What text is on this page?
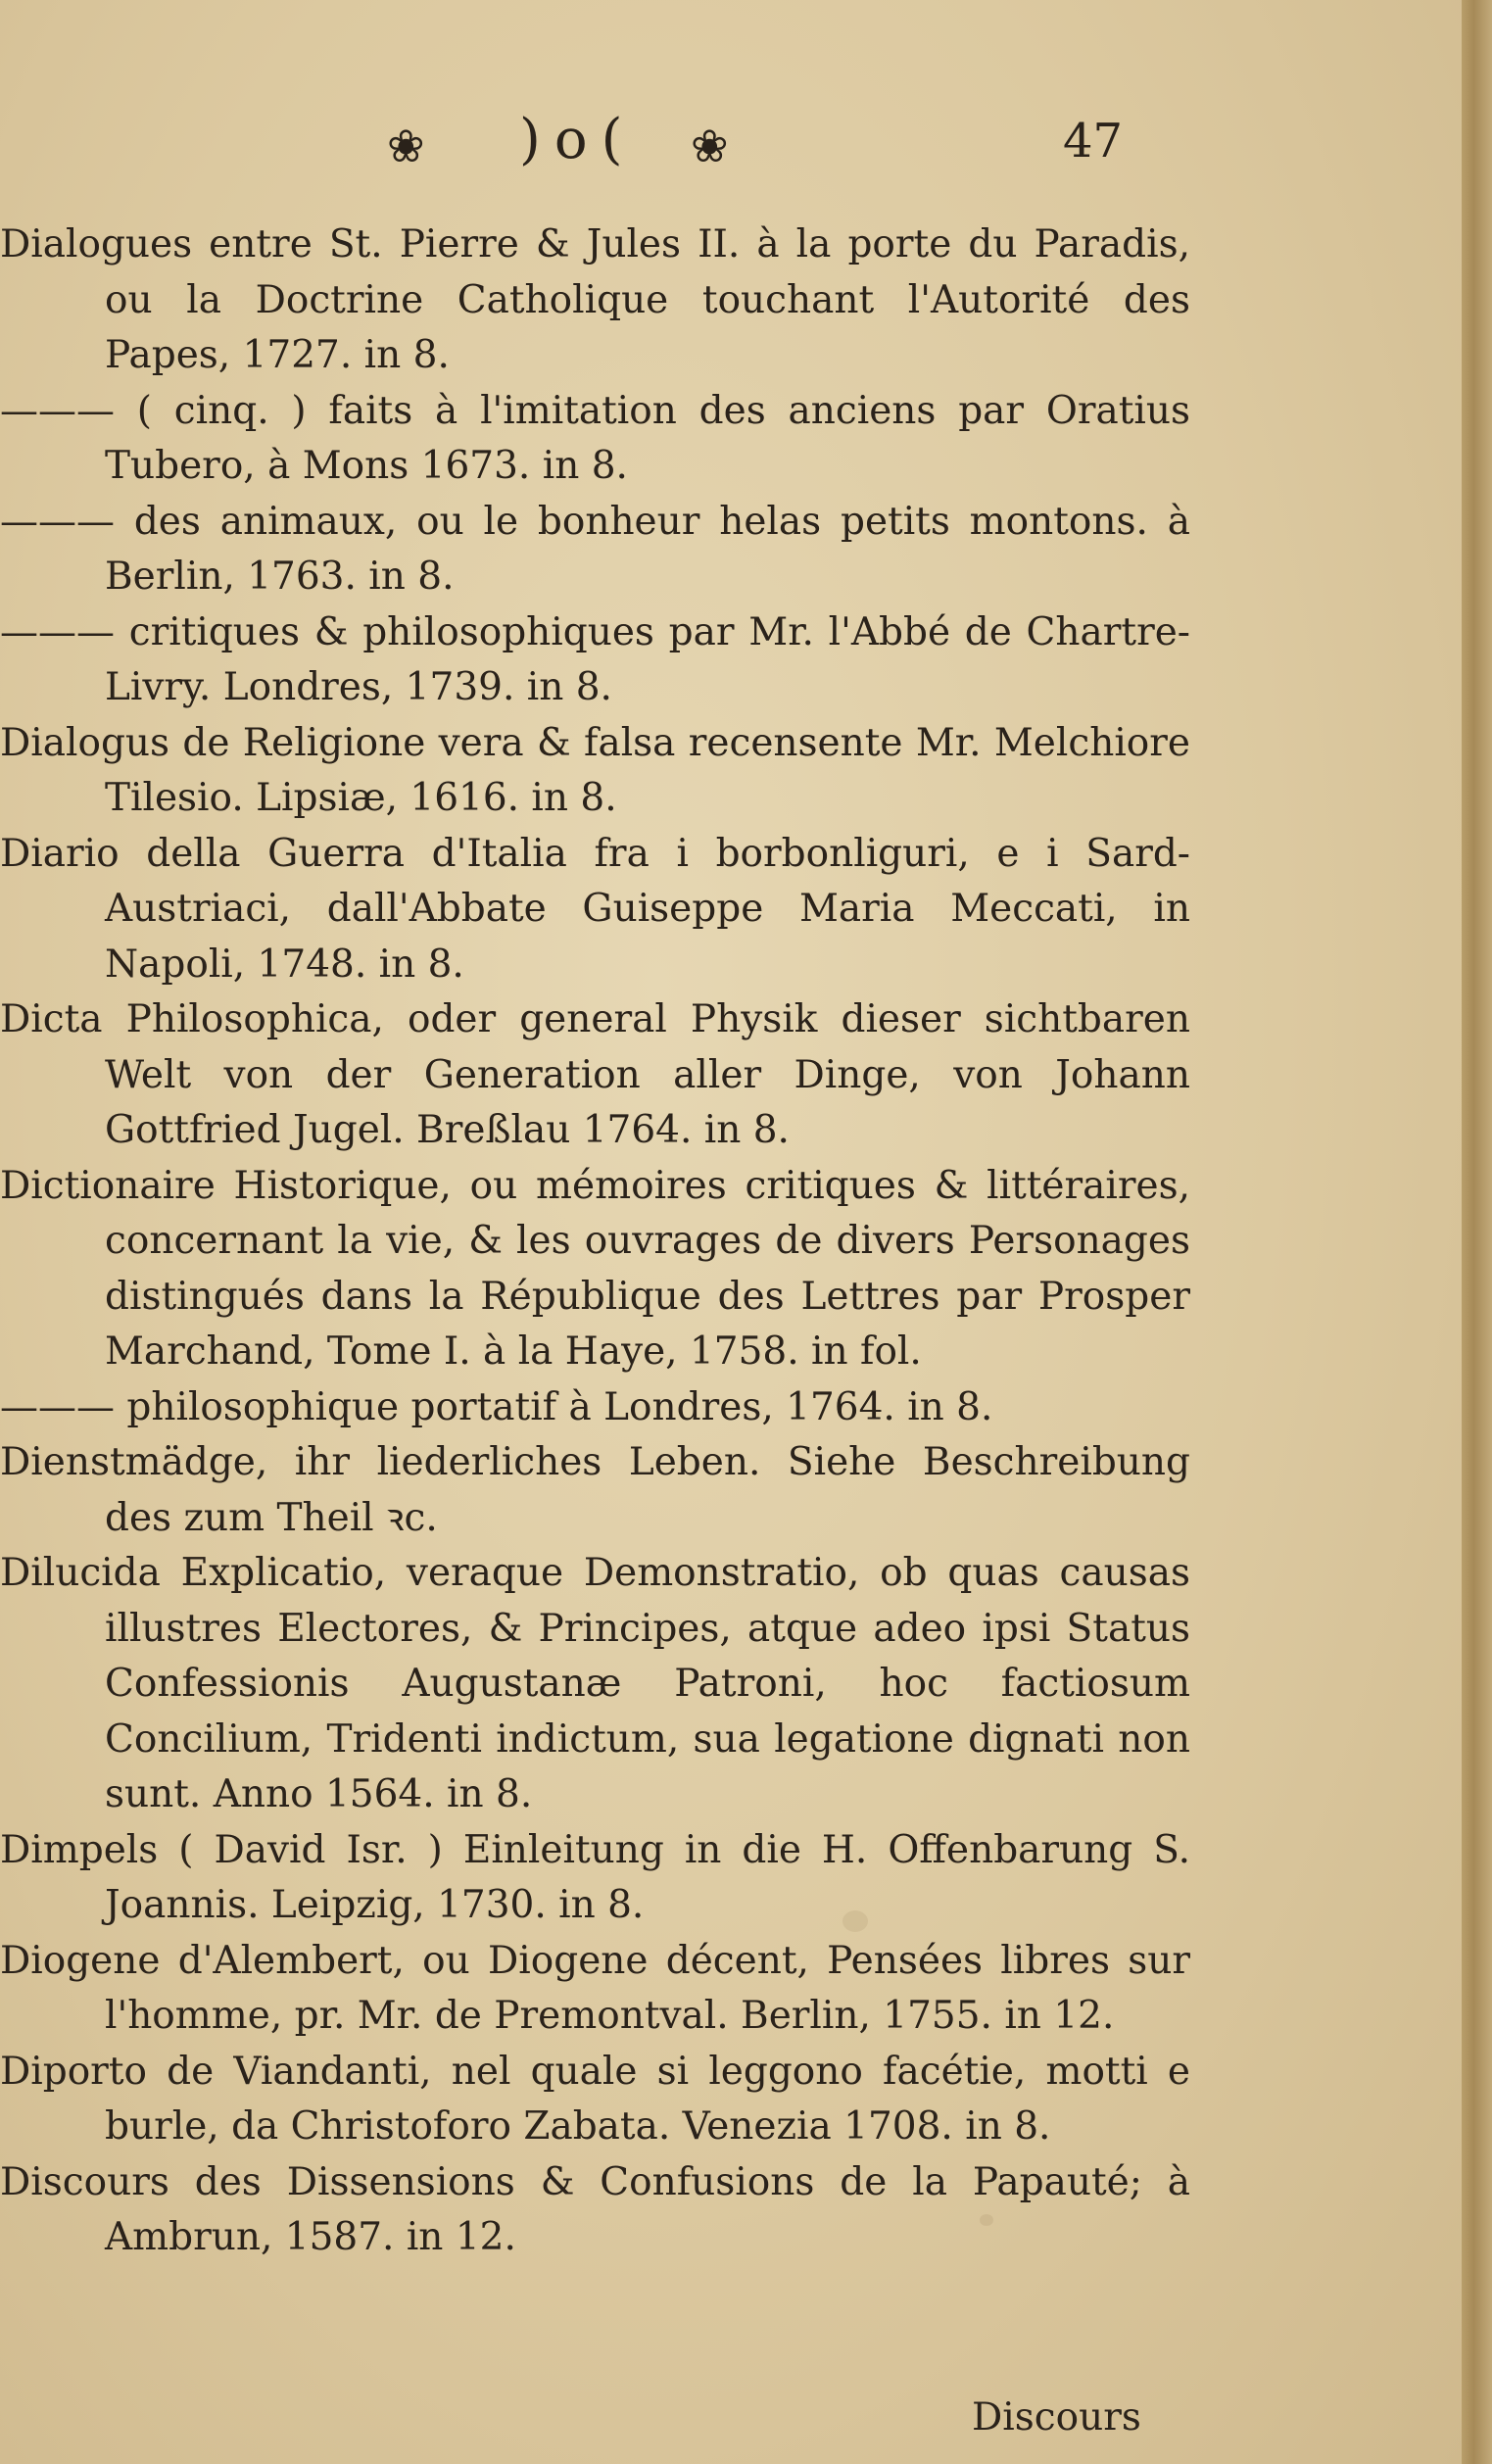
❀ )o( ❀	47
Dialogues entre St. Pierre & Jules II. à la porte du Paradis, ou la Doctrine Catholique touchant l'Autorité des Papes, 1727. in 8.
——— ( cinq. ) faits à l'imitation des anciens par Oratius Tubero, à Mons 1673. in 8.
——— des animaux, ou le bonheur helas petits montons. à Berlin, 1763. in 8.
——— critiques & philosophiques par Mr. l'Abbé de Chartre-Livry. Londres, 1739. in 8.
Dialogus de Religione vera & falsa recensente Mr. Melchiore Tilesio. Lipsiæ, 1616. in 8.
Diario della Guerra d'Italia fra i borbonliguri, e i Sard-Austriaci, dall'Abbate Guiseppe Maria Meccati, in Napoli, 1748. in 8.
Dicta Philosophica, oder general Physik dieser sichtbaren Welt von der Generation aller Dinge, von Johann Gottfried Jugel. Breßlau 1764. in 8.
Dictionaire Historique, ou mémoires critiques & littéraires, concernant la vie, & les ouvrages de divers Personages distingués dans la République des Lettres par Prosper Marchand, Tome I. à la Haye, 1758. in fol.
——— philosophique portatif à Londres, 1764. in 8.
Dienstmädge, ihr liederliches Leben. Siehe Beschreibung des zum Theil ꝛc.
Dilucida Explicatio, veraque Demonstratio, ob quas causas illustres Electores, & Principes, atque adeo ipsi Status Confessionis Augustanæ Patroni, hoc factiosum Concilium, Tridenti indictum, sua legatione dignati non sunt. Anno 1564. in 8.
Dimpels ( David Isr. ) Einleitung in die H. Offenbarung S. Joannis. Leipzig, 1730. in 8.
Diogene d'Alembert, ou Diogene décent, Pensées libres sur l'homme, pr. Mr. de Premontval. Berlin, 1755. in 12.
Diporto de Viandanti, nel quale si leggono facétie, motti e burle, da Christoforo Zabata. Venezia 1708. in 8.
Discours des Dissensions & Confusions de la Papauté; à Ambrun, 1587. in 12.
Discours
